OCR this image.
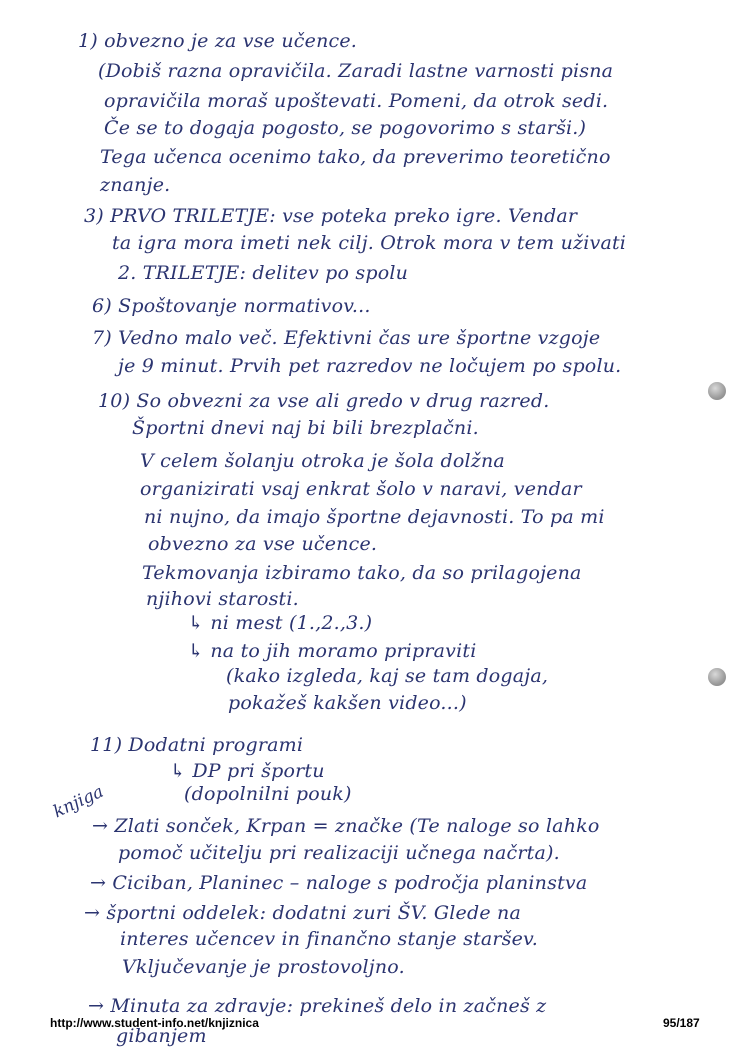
1) obvezno je za vse učence.
(Dobiš razna opravičila. Zaradi lastne varnosti pisna
opravičila moraš upoštevati. Pomeni, da otrok sedi.
Če se to dogaja pogosto, se pogovorimo s starši.)
Tega učenca ocenimo tako, da preverimo teoretično
znanje.
3) PRVO TRILETJE: vse poteka preko igre. Vendar
ta igra mora imeti nek cilj. Otrok mora v tem uživati
2. TRILETJE: delitev po spolu
6) Spoštovanje normativov...
7) Vedno malo več. Efektivni čas ure športne vzgoje
je 9 minut. Prvih pet razredov ne ločujem po spolu.
10) So obvezni za vse ali gredo v drug razred.
Športni dnevi naj bi bili brezplačni.
V celem šolanju otroka je šola dolžna
organizirati vsaj enkrat šolo v naravi, vendar
ni nujno, da imajo športne dejavnosti. To pa mi
obvezno za vse učence.
Tekmovanja izbiramo tako, da so prilagojena
njihovi starosti.
↳ ni mest (1.,2.,3.)
↳ na to jih moramo pripraviti
(kako izgleda, kaj se tam dogaja,
pokažeš kakšen video...)
11) Dodatni programi
↳ DP pri športu
(dopolnilni pouk)
knjiga
→ Zlati sonček, Krpan = značke (Te naloge so lahko
pomoč učitelju pri realizaciji učnega načrta).
→ Ciciban, Planinec – naloge s področja planinstva
→ športni oddelek: dodatni zuri ŠV. Glede na
interes učencev in finančno stanje staršev.
Vključevanje je prostovoljno.
→ Minuta za zdravje: prekineš delo in začneš z
gibanjem
http://www.student-info.net/knjiznica	95/187
